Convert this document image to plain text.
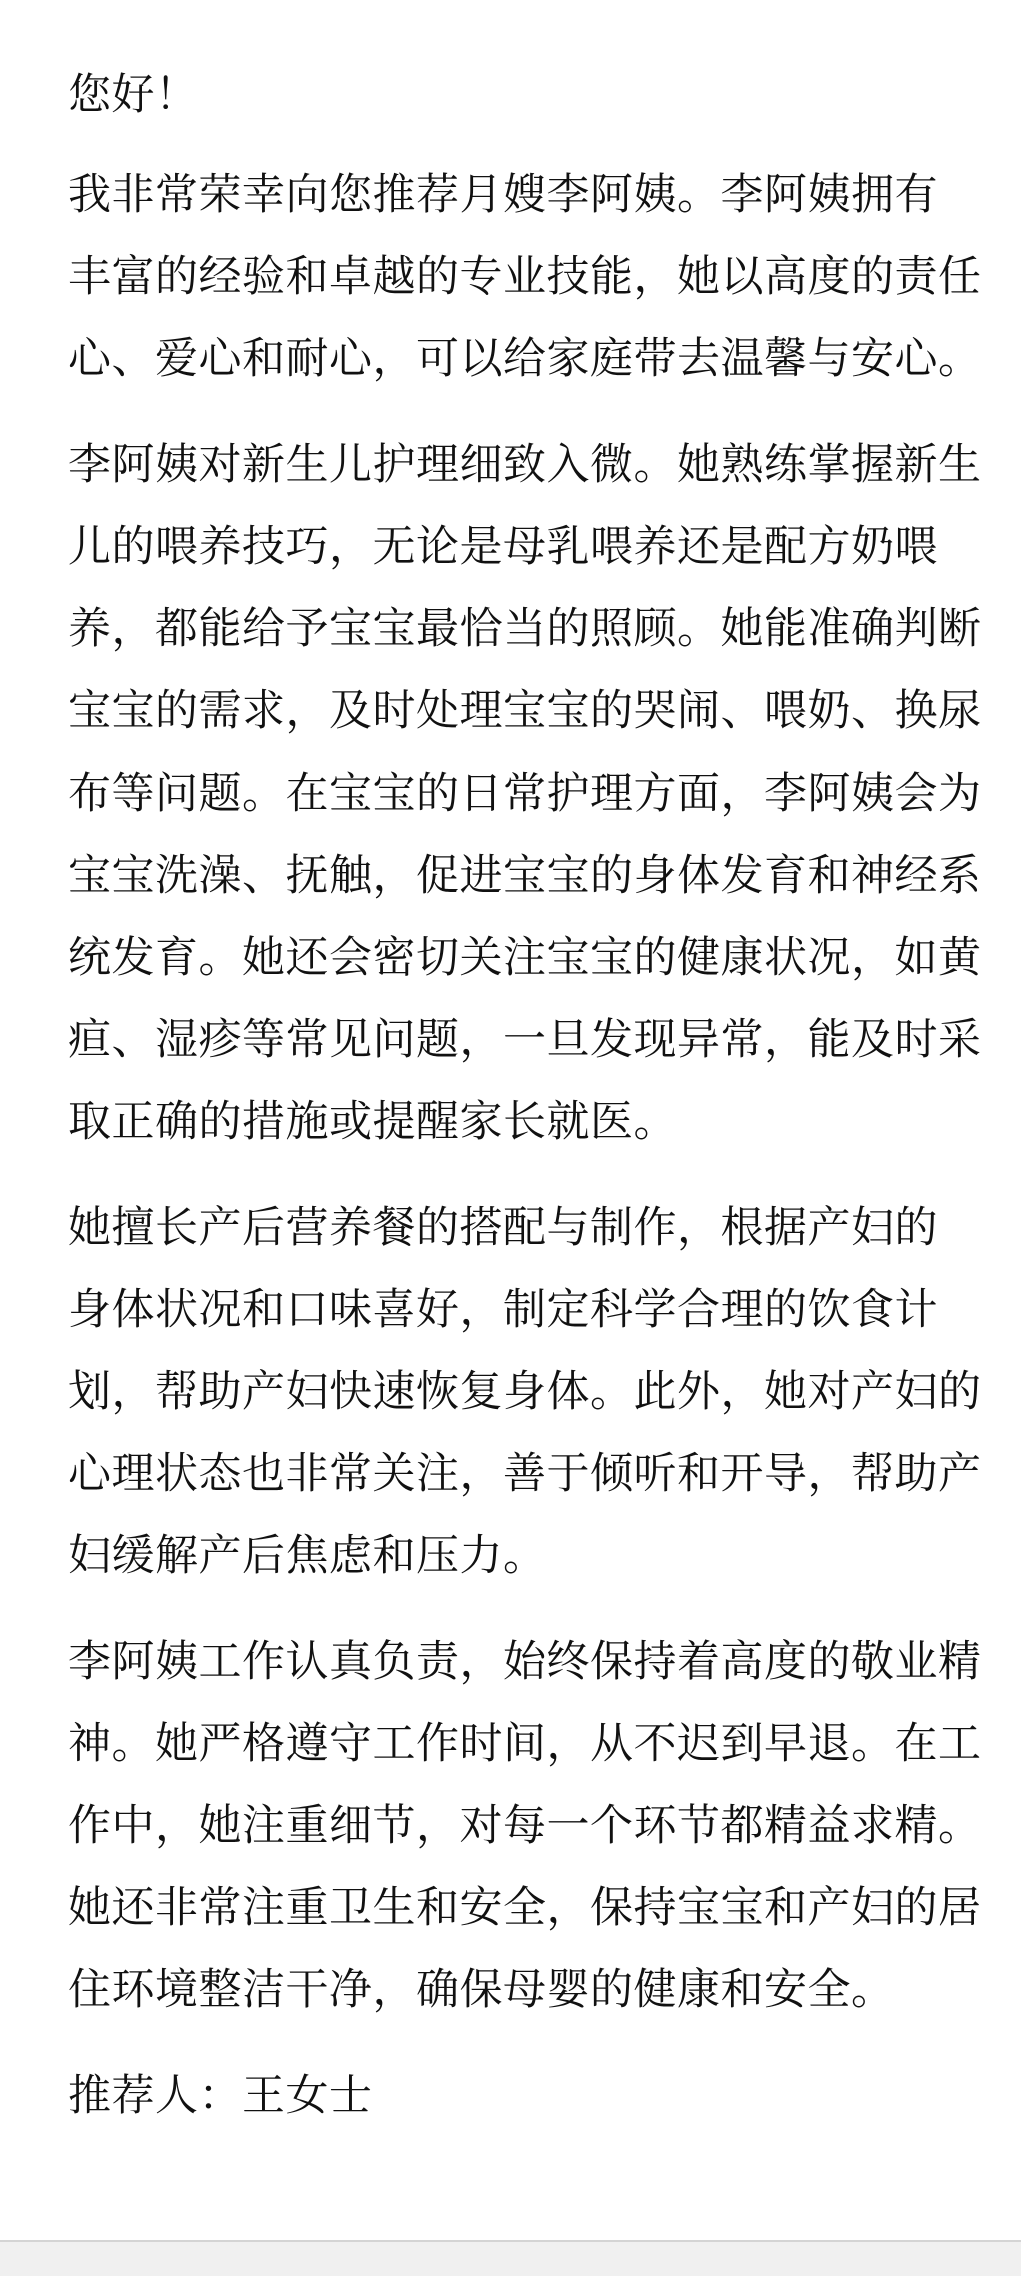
您好！
我非常荣幸向您推荐月嫂李阿姨。李阿姨拥有
丰富的经验和卓越的专业技能，她以高度的责任
心、爱心和耐心，可以给家庭带去温馨与安心。
李阿姨对新生儿护理细致入微。她熟练掌握新生
儿的喂养技巧，无论是母乳喂养还是配方奶喂
养，都能给予宝宝最恰当的照顾。她能准确判断
宝宝的需求，及时处理宝宝的哭闹、喂奶、换尿
布等问题。在宝宝的日常护理方面，李阿姨会为
宝宝洗澡、抚触，促进宝宝的身体发育和神经系
统发育。她还会密切关注宝宝的健康状况，如黄
疸、湿疹等常见问题，一旦发现异常，能及时采
取正确的措施或提醒家长就医。
她擅长产后营养餐的搭配与制作，根据产妇的
身体状况和口味喜好，制定科学合理的饮食计
划，帮助产妇快速恢复身体。此外，她对产妇的
心理状态也非常关注，善于倾听和开导，帮助产
妇缓解产后焦虑和压力。
李阿姨工作认真负责，始终保持着高度的敬业精
神。她严格遵守工作时间，从不迟到早退。在工
作中，她注重细节，对每一个环节都精益求精。
她还非常注重卫生和安全，保持宝宝和产妇的居
住环境整洁干净，确保母婴的健康和安全。
推荐人：王女士
